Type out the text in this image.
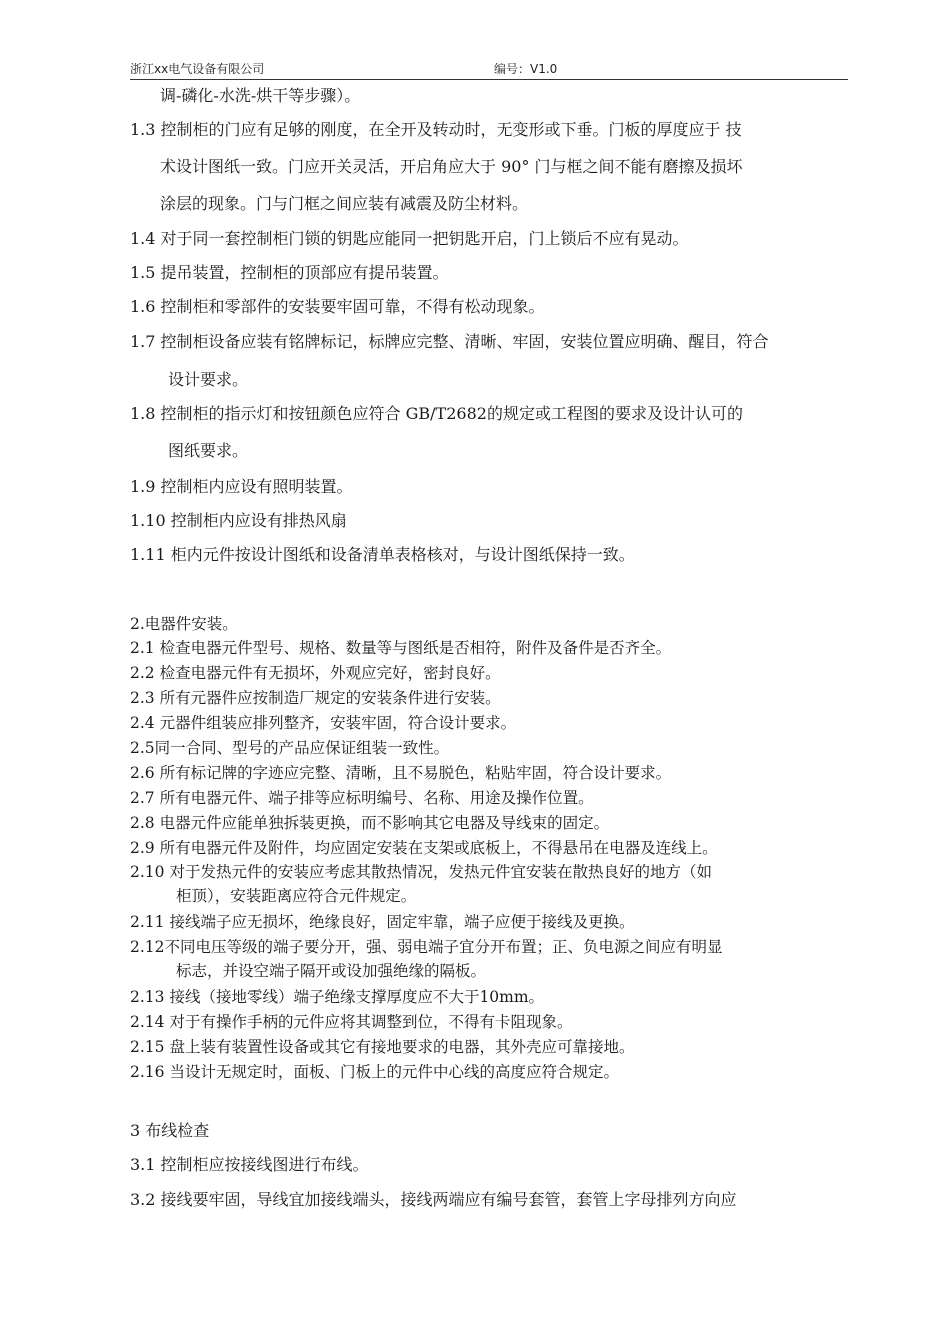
浙江xx电气设备有限公司	编号：V1.0
调-磷化-水洗-烘干等步骤）。
1.3 控制柜的门应有足够的刚度，在全开及转动时，无变形或下垂。门板的厚度应于 技
术设计图纸一致。门应开关灵活，开启角应大于 90° 门与框之间不能有磨擦及损坏
涂层的现象。门与门框之间应装有减震及防尘材料。
1.4 对于同一套控制柜门锁的钥匙应能同一把钥匙开启，门上锁后不应有晃动。
1.5 提吊装置，控制柜的顶部应有提吊装置。
1.6 控制柜和零部件的安装要牢固可靠，不得有松动现象。
1.7 控制柜设备应装有铭牌标记，标牌应完整、清晰、牢固，安装位置应明确、醒目，符合
设计要求。
1.8 控制柜的指示灯和按钮颜色应符合 GB/T2682的规定或工程图的要求及设计认可的
图纸要求。
1.9 控制柜内应设有照明装置。
1.10 控制柜内应设有排热风扇
1.11 柜内元件按设计图纸和设备清单表格核对，与设计图纸保持一致。
2.电器件安装。
2.1 检查电器元件型号、规格、数量等与图纸是否相符，附件及备件是否齐全。
2.2 检查电器元件有无损坏，外观应完好，密封良好。
2.3 所有元器件应按制造厂规定的安装条件进行安装。
2.4 元器件组装应排列整齐，安装牢固，符合设计要求。
2.5同一合同、型号的产品应保证组装一致性。
2.6 所有标记牌的字迹应完整、清晰，且不易脱色，粘贴牢固，符合设计要求。
2.7 所有电器元件、端子排等应标明编号、名称、用途及操作位置。
2.8 电器元件应能单独拆装更换，而不影响其它电器及导线束的固定。
2.9 所有电器元件及附件，均应固定安装在支架或底板上，不得悬吊在电器及连线上。
2.10 对于发热元件的安装应考虑其散热情况，发热元件宜安装在散热良好的地方（如
柜顶），安装距离应符合元件规定。
2.11 接线端子应无损坏，绝缘良好，固定牢靠，端子应便于接线及更换。
2.12不同电压等级的端子要分开，强、弱电端子宜分开布置；正、负电源之间应有明显
标志，并设空端子隔开或设加强绝缘的隔板。
2.13 接线（接地零线）端子绝缘支撑厚度应不大于10mm。
2.14 对于有操作手柄的元件应将其调整到位，不得有卡阻现象。
2.15 盘上装有装置性设备或其它有接地要求的电器，其外壳应可靠接地。
2.16 当设计无规定时，面板、门板上的元件中心线的高度应符合规定。
3 布线检查
3.1 控制柜应按接线图进行布线。
3.2 接线要牢固，导线宜加接线端头，接线两端应有编号套管，套管上字母排列方向应
